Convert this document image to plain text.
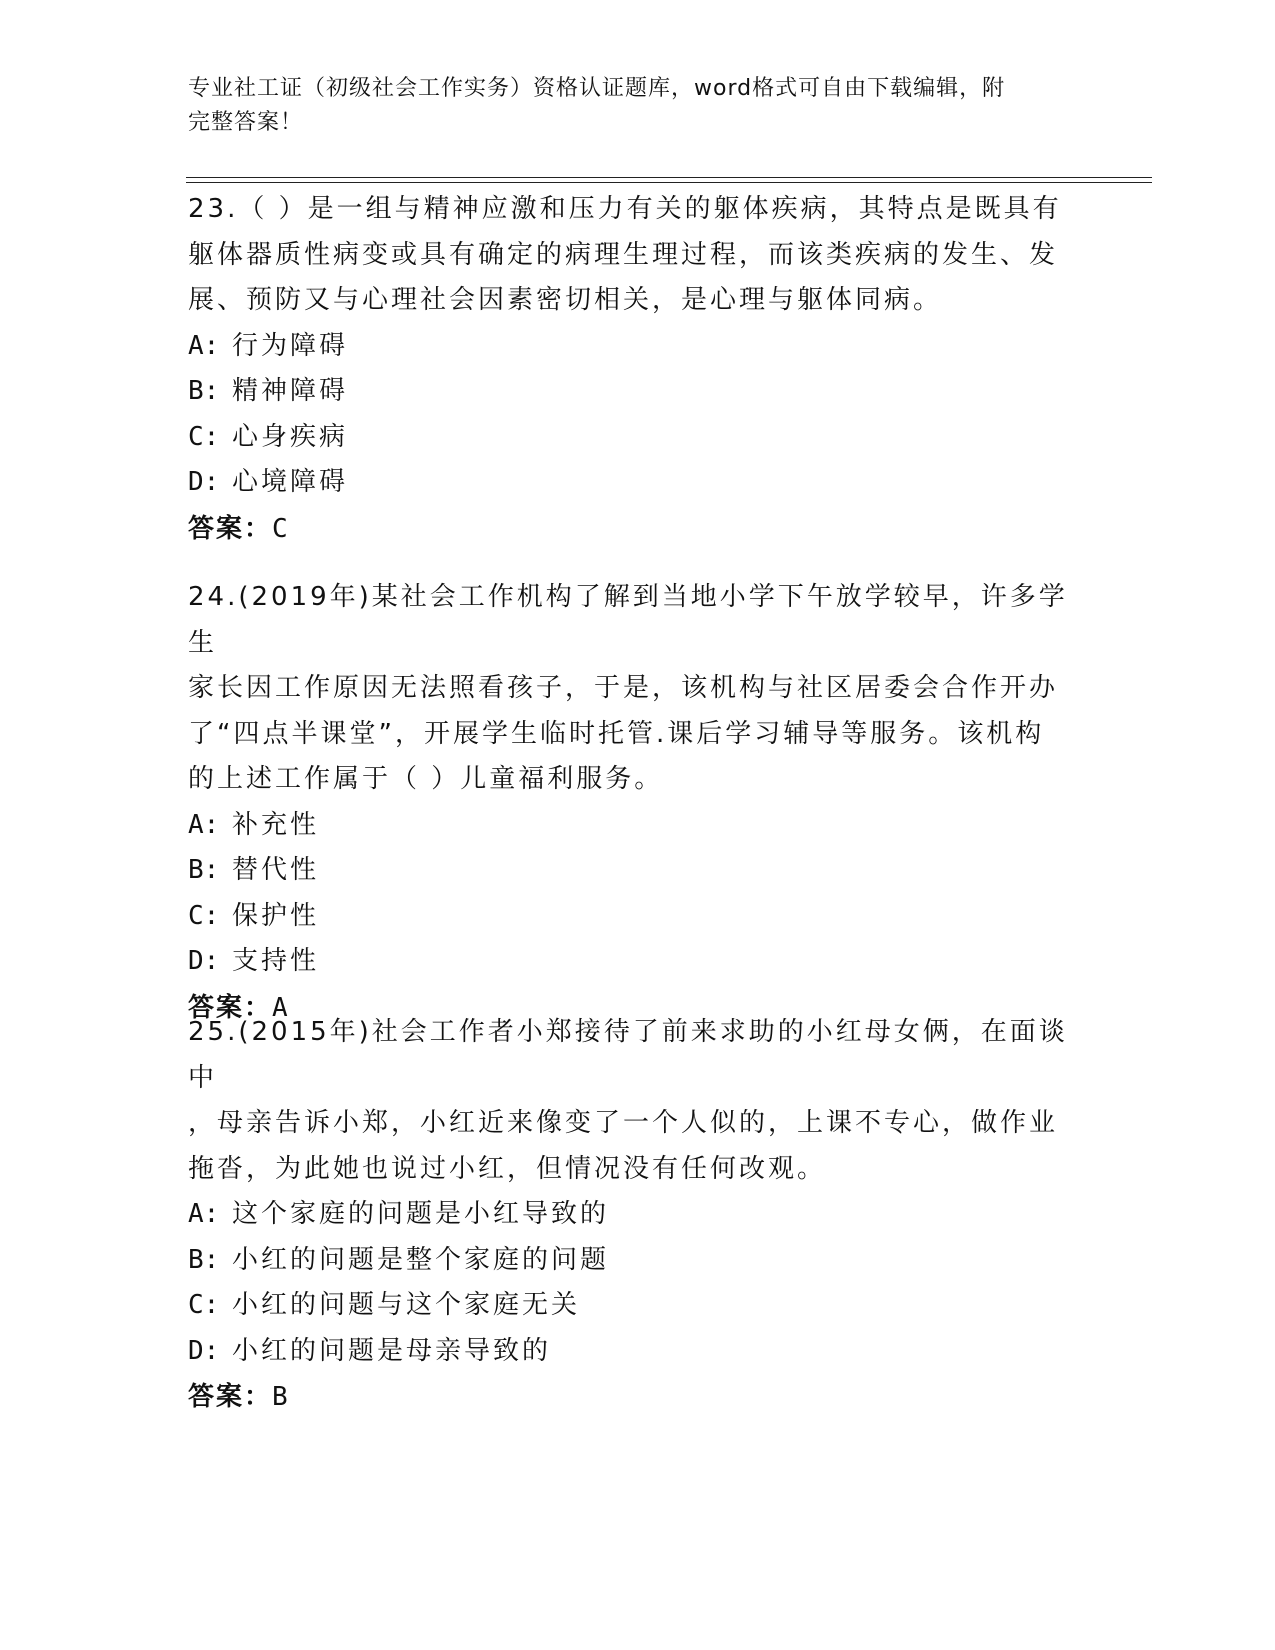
专业社工证（初级社会工作实务）资格认证题库，word格式可自由下载编辑，附
完整答案！

23.（ ）是一组与精神应激和压力有关的躯体疾病，其特点是既具有

躯体器质性病变或具有确定的病理生理过程，而该类疾病的发生、发

展、预防又与心理社会因素密切相关，是心理与躯体同病。

A: 行为障碍
B: 精神障碍
C: 心身疾病
D: 心境障碍
答案：C

24.(2019年)某社会工作机构了解到当地小学下午放学较早，许多学生

家长因工作原因无法照看孩子，于是，该机构与社区居委会合作开办

了“四点半课堂”，开展学生临时托管.课后学习辅导等服务。该机构

的上述工作属于（ ）儿童福利服务。

A: 补充性
B: 替代性
C: 保护性
D: 支持性
答案：A

25.(2015年)社会工作者小郑接待了前来求助的小红母女俩，在面谈中

，母亲告诉小郑，小红近来像变了一个人似的，上课不专心，做作业

拖沓，为此她也说过小红，但情况没有任何改观。

A: 这个家庭的问题是小红导致的
B: 小红的问题是整个家庭的问题
C: 小红的问题与这个家庭无关
D: 小红的问题是母亲导致的
答案：B
